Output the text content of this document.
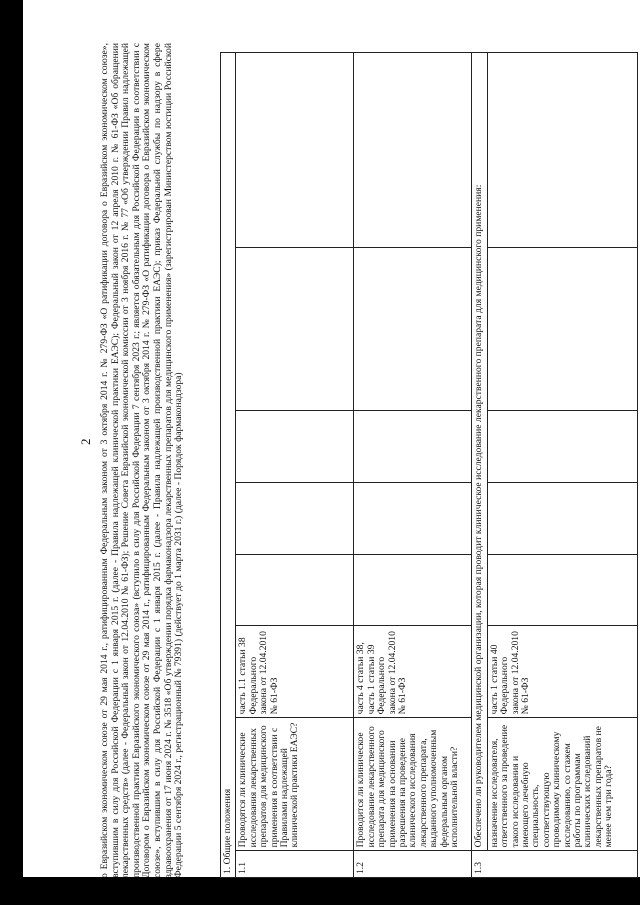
2 о Евразийском экономическом союзе от 29 мая 2014 г., ратифицированным Федеральным законом от 3 октября 2014 г. № 279-ФЗ «О ратификации договора о Евразийском экономическом союзе», вступившим в силу для Российской Федерации с 1 января 2015 г. (далее - Правила надлежащей клинической практики ЕАЭС); Федеральный закон от 12 апреля 2010 г. № 61-ФЗ «Об обращении лекарственных средств» (далее - Федеральный закон от 12.04.2010 № 61-ФЗ); Решение Совета Евразийской экономической комиссии от 3 ноября 2016 г. № 77 «Об утверждении Правил надлежащей производственной практики Евразийского экономического союза» (вступило в силу для Российской Федерации 7 сентября 2023 г.; является обязательным для Российской Федерации в соответствии с Договором о Евразийском экономическом союзе от 29 мая 2014 г., ратифицированным Федеральным законом от 3 октября 2014 г. № 279-ФЗ «О ратификации договора о Евразийском экономическом союзе», вступившим в силу для Российской Федерации с 1 января 2015 г. (далее - Правила надлежащей производственной практики ЕАЭС); приказ Федеральной службы по надзору в сфере здравоохранения от 17 июня 2024 г. № 3518 «Об утверждении порядка фармаконадзора лекарственных препаратов для медицинского применения» (зарегистрирован Министерством юстиции Российской Федерации 5 сентября 2024 г., регистрационный № 79391) (действует до 1 марта 2031 г.) (далее - Порядок фармаконадзора)	1. Общие положения							
1.1	Проводятся ли клинические исследования лекарственных препаратов для медицинского применения в соответствии с Правилами надлежащей клинической практики ЕАЭС?	часть 1.1 статьи 38 Федерального закона от 12.04.2010 № 61-ФЗ					
1.2	Проводится ли клиническое исследование лекарственного препарата для медицинского применения на основании разрешения на проведение клинического исследования лекарственного препарата, выданного уполномоченным федеральным органом исполнительной власти?	часть 4 статьи 38, часть 1 статьи 39 Федерального закона от 12.04.2010 № 61-ФЗ					
1.3	Обеспечено ли руководителем медицинской организации, которая проводит клиническое исследование лекарственного препарата для медицинского применения:						
	назначение исследователя, ответственного за проведение такого исследования и имеющего лечебную специальность, соответствующую проводимому клиническому исследованию, со стажем работы по программам клинических исследований лекарственных препаратов не менее чем три года?	часть 1 статьи 40 Федерального закона от 12.04.2010 № 61-ФЗ					
